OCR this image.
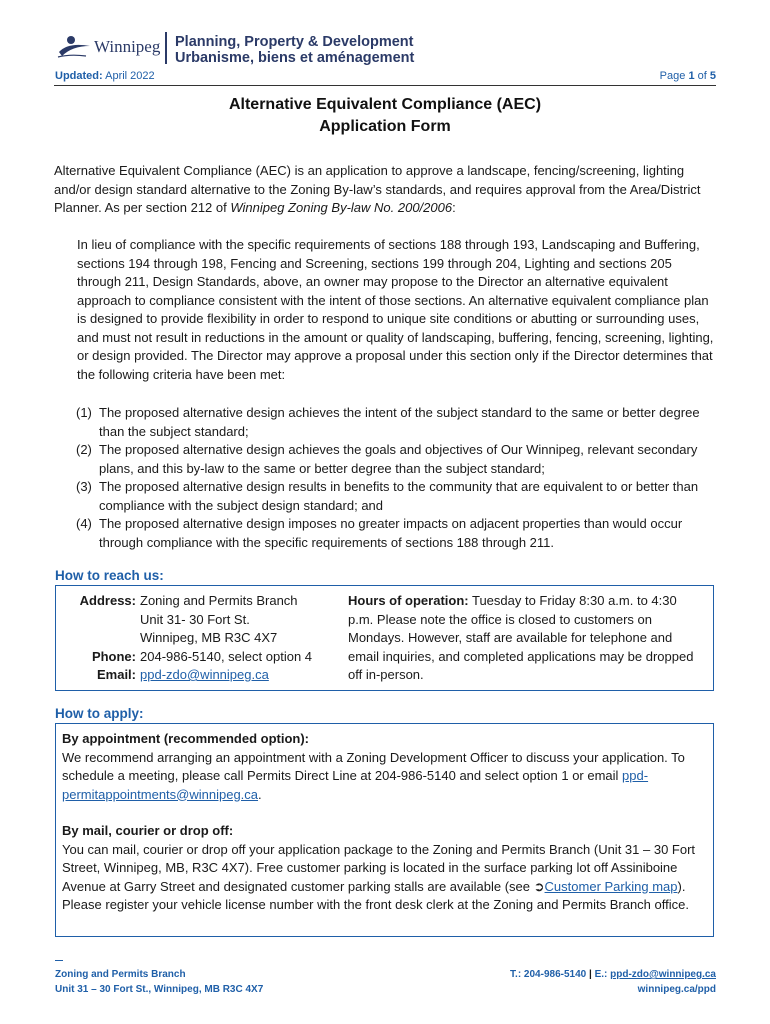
Winnipeg Planning, Property & Development
Urbanisme, biens et aménagement
Updated: April 2022	Page 1 of 5
Alternative Equivalent Compliance (AEC)
Application Form
Alternative Equivalent Compliance (AEC) is an application to approve a landscape, fencing/screening, lighting and/or design standard alternative to the Zoning By-law’s standards, and requires approval from the Area/District Planner. As per section 212 of Winnipeg Zoning By-law No. 200/2006:
In lieu of compliance with the specific requirements of sections 188 through 193, Landscaping and Buffering, sections 194 through 198, Fencing and Screening, sections 199 through 204, Lighting and sections 205 through 211, Design Standards, above, an owner may propose to the Director an alternative equivalent approach to compliance consistent with the intent of those sections. An alternative equivalent compliance plan is designed to provide flexibility in order to respond to unique site conditions or abutting or surrounding uses, and must not result in reductions in the amount or quality of landscaping, buffering, fencing, screening, lighting, or design provided. The Director may approve a proposal under this section only if the Director determines that the following criteria have been met:
(1) The proposed alternative design achieves the intent of the subject standard to the same or better degree than the subject standard;
(2) The proposed alternative design achieves the goals and objectives of Our Winnipeg, relevant secondary plans, and this by-law to the same or better degree than the subject standard;
(3) The proposed alternative design results in benefits to the community that are equivalent to or better than compliance with the subject design standard; and
(4) The proposed alternative design imposes no greater impacts on adjacent properties than would occur through compliance with the specific requirements of sections 188 through 211.
How to reach us:
Address: Zoning and Permits Branch
Unit 31- 30 Fort St.
Winnipeg, MB R3C 4X7
Phone: 204-986-5140, select option 4
Email: ppd-zdo@winnipeg.ca
Hours of operation: Tuesday to Friday 8:30 a.m. to 4:30 p.m. Please note the office is closed to customers on Mondays. However, staff are available for telephone and email inquiries, and completed applications may be dropped off in-person.
How to apply:
By appointment (recommended option):
We recommend arranging an appointment with a Zoning Development Officer to discuss your application. To schedule a meeting, please call Permits Direct Line at 204-986-5140 and select option 1 or email ppd-permitappointments@winnipeg.ca.
By mail, courier or drop off:
You can mail, courier or drop off your application package to the Zoning and Permits Branch (Unit 31 – 30 Fort Street, Winnipeg, MB, R3C 4X7). Free customer parking is located in the surface parking lot off Assiniboine Avenue at Garry Street and designated customer parking stalls are available (see ➲Customer Parking map). Please register your vehicle license number with the front desk clerk at the Zoning and Permits Branch office.
Zoning and Permits Branch
Unit 31 – 30 Fort St., Winnipeg, MB R3C 4X7
T.: 204-986-5140 | E.: ppd-zdo@winnipeg.ca
winnipeg.ca/ppd
